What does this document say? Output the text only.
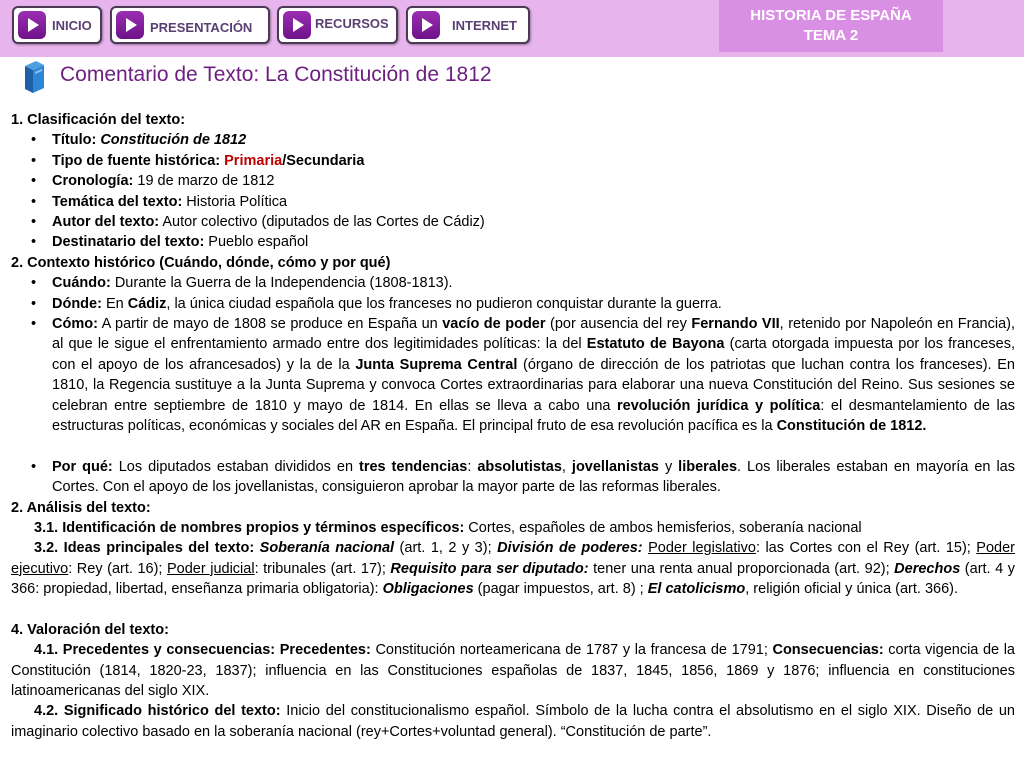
INICIO	PRESENTACIÓN	RECURSOS	INTERNET
HISTORIA DE ESPAÑA
TEMA 2
Comentario de Texto: La Constitución de 1812
1. Clasificación del texto:
• Título: Constitución de 1812
• Tipo de fuente histórica: Primaria/Secundaria
• Cronología: 19 de marzo de 1812
• Temática del texto: Historia Política
• Autor del texto: Autor colectivo (diputados de las Cortes de Cádiz)
• Destinatario del texto: Pueblo español
2. Contexto histórico (Cuándo, dónde, cómo y por qué)
• Cuándo: Durante la Guerra de la Independencia (1808-1813).
• Dónde: En Cádiz, la única ciudad española que los franceses no pudieron conquistar durante la guerra.
• Cómo: A partir de mayo de 1808 se produce en España un vacío de poder (por ausencia del rey Fernando VII, retenido por Napoleón en Francia), al que le sigue el enfrentamiento armado entre dos legitimidades políticas: la del Estatuto de Bayona (carta otorgada impuesta por los franceses, con el apoyo de los afrancesados) y la de la Junta Suprema Central (órgano de dirección de los patriotas que luchan contra los franceses). En 1810, la Regencia sustituye a la Junta Suprema y convoca Cortes extraordinarias para elaborar una nueva Constitución del Reino. Sus sesiones se celebran entre septiembre de 1810 y mayo de 1814. En ellas se lleva a cabo una revolución jurídica y política: el desmantelamiento de las estructuras políticas, económicas y sociales del AR en España. El principal fruto de esa revolución pacífica es la Constitución de 1812.
• Por qué: Los diputados estaban divididos en tres tendencias: absolutistas, jovellanistas y liberales. Los liberales estaban en mayoría en las Cortes. Con el apoyo de los jovellanistas, consiguieron aprobar la mayor parte de las reformas liberales.
2. Análisis del texto:
3.1. Identificación de nombres propios y términos específicos: Cortes, españoles de ambos hemisferios, soberanía nacional
3.2. Ideas principales del texto: Soberanía nacional (art. 1, 2 y 3); División de poderes: Poder legislativo: las Cortes con el Rey (art. 15); Poder ejecutivo: Rey (art. 16); Poder judicial: tribunales (art. 17); Requisito para ser diputado: tener una renta anual proporcionada (art. 92); Derechos (art. 4 y 366: propiedad, libertad, enseñanza primaria obligatoria): Obligaciones (pagar impuestos, art. 8) ; El catolicismo, religión oficial y única (art. 366).
4. Valoración del texto:
4.1. Precedentes y consecuencias: Precedentes: Constitución norteamericana de 1787 y la francesa de 1791; Consecuencias: corta vigencia de la Constitución (1814, 1820-23, 1837); influencia en las Constituciones españolas de 1837, 1845, 1856, 1869 y 1876; influencia en constituciones latinoamericanas del siglo XIX.
4.2. Significado histórico del texto: Inicio del constitucionalismo español. Símbolo de la lucha contra el absolutismo en el siglo XIX. Diseño de un imaginario colectivo basado en la soberanía nacional (rey+Cortes+voluntad general). “Constitución de parte”.
